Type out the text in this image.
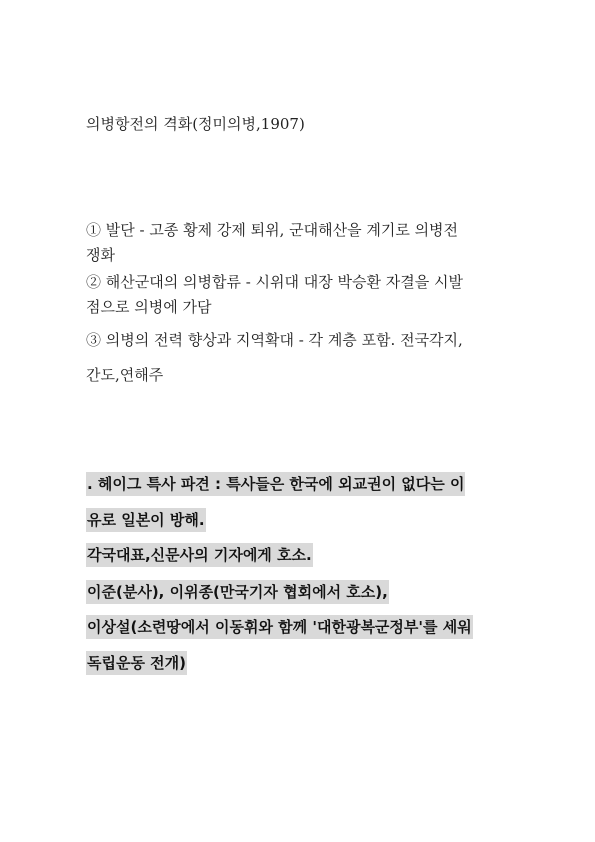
의병항전의 격화(정미의병,1907)
① 발단 - 고종 황제 강제 퇴위, 군대해산을 계기로 의병전
쟁화
② 해산군대의 의병합류 - 시위대 대장 박승환 자결을 시발
점으로 의병에 가담
③ 의병의 전력 향상과 지역확대 - 각 계층 포함. 전국각지,
간도,연해주
. 헤이그 특사 파견 : 특사들은 한국에 외교권이 없다는 이
유로 일본이 방해.
각국대표,신문사의 기자에게 호소.
이준(분사), 이위종(만국기자 협회에서 호소),
이상설(소련땅에서 이동휘와 함께 '대한광복군정부'를 세워
독립운동 전개)
